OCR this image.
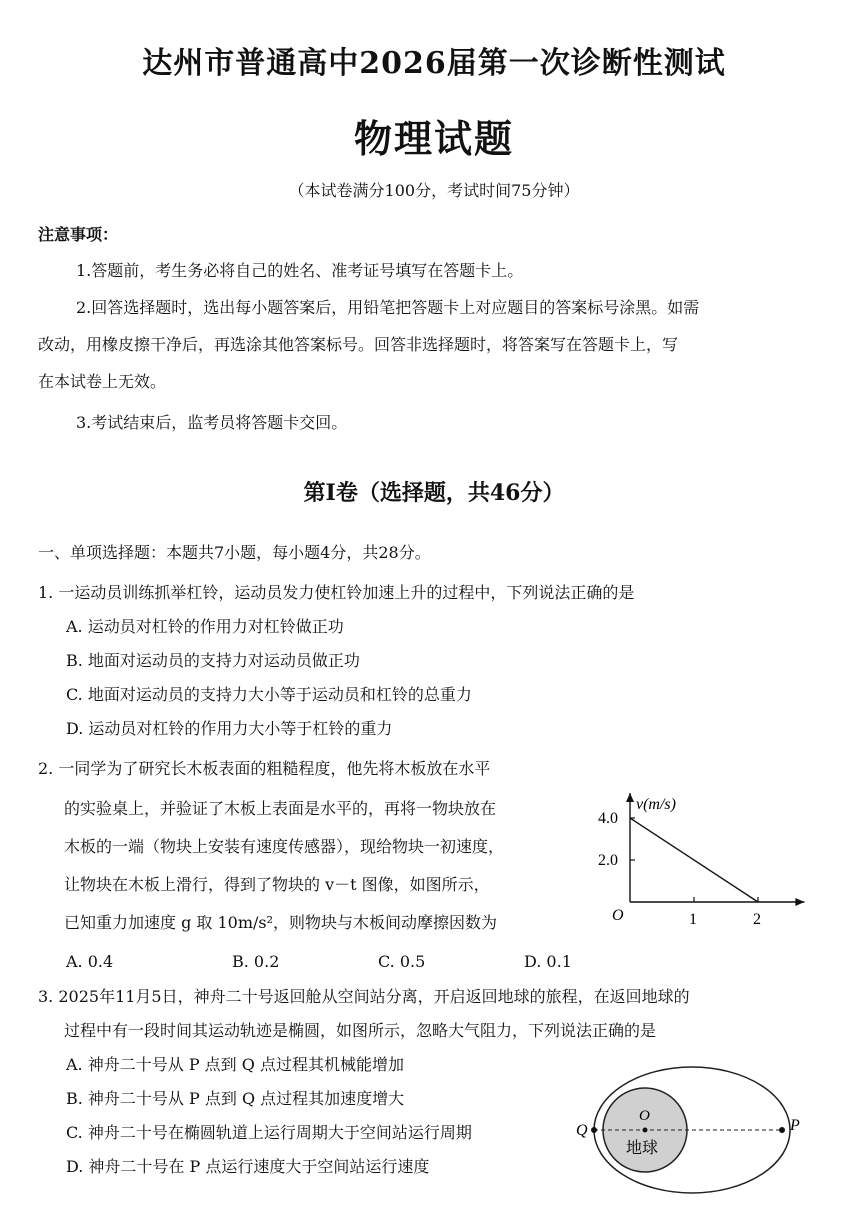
达州市普通高中2026届第一次诊断性测试
物理试题
（本试卷满分100分，考试时间75分钟）
注意事项：
1.答题前，考生务必将自己的姓名、准考证号填写在答题卡上。
2.回答选择题时，选出每小题答案后，用铅笔把答题卡上对应题目的答案标号涂黑。如需
改动，用橡皮擦干净后，再选涂其他答案标号。回答非选择题时，将答案写在答题卡上，写
在本试卷上无效。
3.考试结束后，监考员将答题卡交回。
第Ⅰ卷（选择题，共46分）
一、单项选择题：本题共7小题，每小题4分，共28分。
1. 一运动员训练抓举杠铃，运动员发力使杠铃加速上升的过程中，下列说法正确的是
A. 运动员对杠铃的作用力对杠铃做正功
B. 地面对运动员的支持力对运动员做正功
C. 地面对运动员的支持力大小等于运动员和杠铃的总重力
D. 运动员对杠铃的作用力大小等于杠铃的重力
2. 一同学为了研究长木板表面的粗糙程度，他先将木板放在水平
的实验桌上，并验证了木板上表面是水平的，再将一物块放在
木板的一端（物块上安装有速度传感器），现给物块一初速度，
让物块在木板上滑行，得到了物块的 v－t 图像，如图所示，
已知重力加速度 g 取 10m/s²，则物块与木板间动摩擦因数为
A. 0.4	B. 0.2	C. 0.5	D. 0.1
1	2
2.0
4.0
v(m/s)
O
3. 2025年11月5日，神舟二十号返回舱从空间站分离，开启返回地球的旅程，在返回地球的
过程中有一段时间其运动轨迹是椭圆，如图所示，忽略大气阻力，下列说法正确的是
A. 神舟二十号从 P 点到 Q 点过程其机械能增加
B. 神舟二十号从 P 点到 Q 点过程其加速度增大
C. 神舟二十号在椭圆轨道上运行周期大于空间站运行周期
D. 神舟二十号在 P 点运行速度大于空间站运行速度
O
地球
Q	P
